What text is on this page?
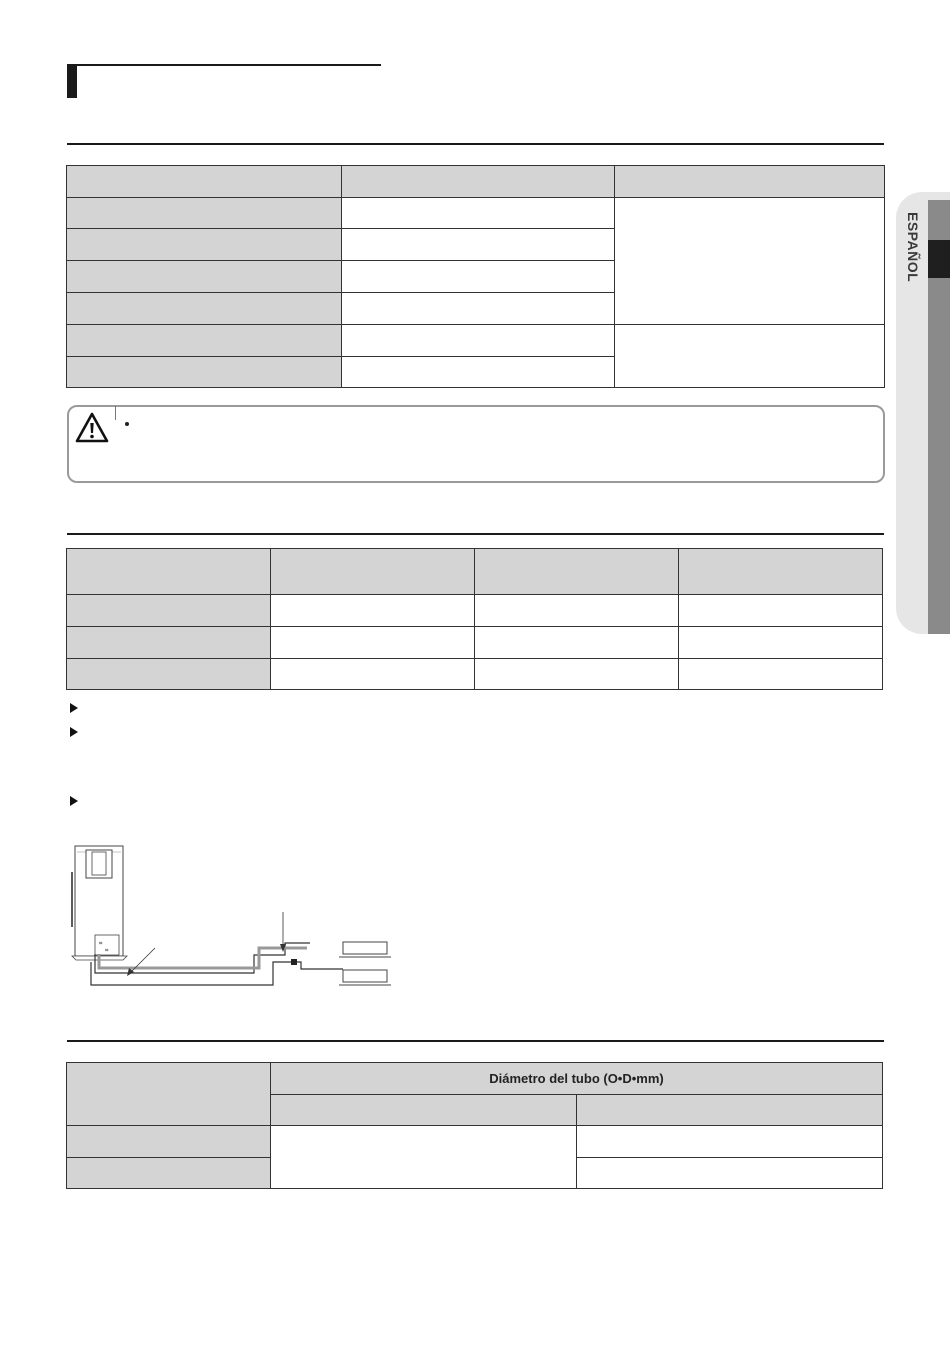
⌗
⌗
	Diámetro del tubo (O•D•mm)	

ESPAÑOL
